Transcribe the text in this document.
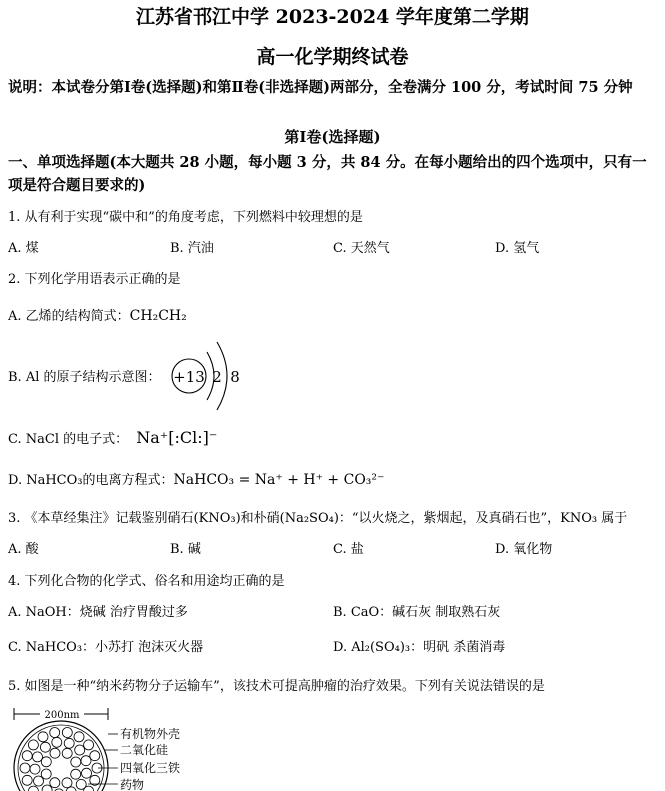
江苏省邗江中学 2023-2024 学年度第二学期
高一化学期终试卷
说明：本试卷分第Ⅰ卷(选择题)和第Ⅱ卷(非选择题)两部分，全卷满分 100 分，考试时间 75 分钟
第Ⅰ卷(选择题)
一、单项选择题(本大题共 28 小题，每小题 3 分，共 84 分。在每小题给出的四个选项中，只有一项是符合题目要求的)
1. 从有利于实现“碳中和”的角度考虑，下列燃料中较理想的是
A. 煤	B. 汽油	C. 天然气	D. 氢气
2. 下列化学用语表示正确的是
A. 乙烯的结构简式：CH₂CH₂
B. Al 的原子结构示意图： +13 2 8
C. NaCl 的电子式： Na⁺[:Cl:]⁻
D. NaHCO₃的电离方程式：NaHCO₃ = Na⁺ + H⁺ + CO₃²⁻
3. 《本草经集注》记载鉴别硝石(KNO₃)和朴硝(Na₂SO₄)：“以火烧之，紫烟起，及真硝石也”，KNO₃ 属于
A. 酸	B. 碱	C. 盐	D. 氧化物
4. 下列化合物的化学式、俗名和用途均正确的是
A. NaOH：烧碱 治疗胃酸过多	B. CaO：碱石灰 制取熟石灰
C. NaHCO₃：小苏打 泡沫灭火器	D. Al₂(SO₄)₃：明矾 杀菌消毒
5. 如图是一种“纳米药物分子运输车”，该技术可提高肿瘤的治疗效果。下列有关说法错误的是
200nm
有机物外壳
二氧化硅
四氧化三铁
药物
